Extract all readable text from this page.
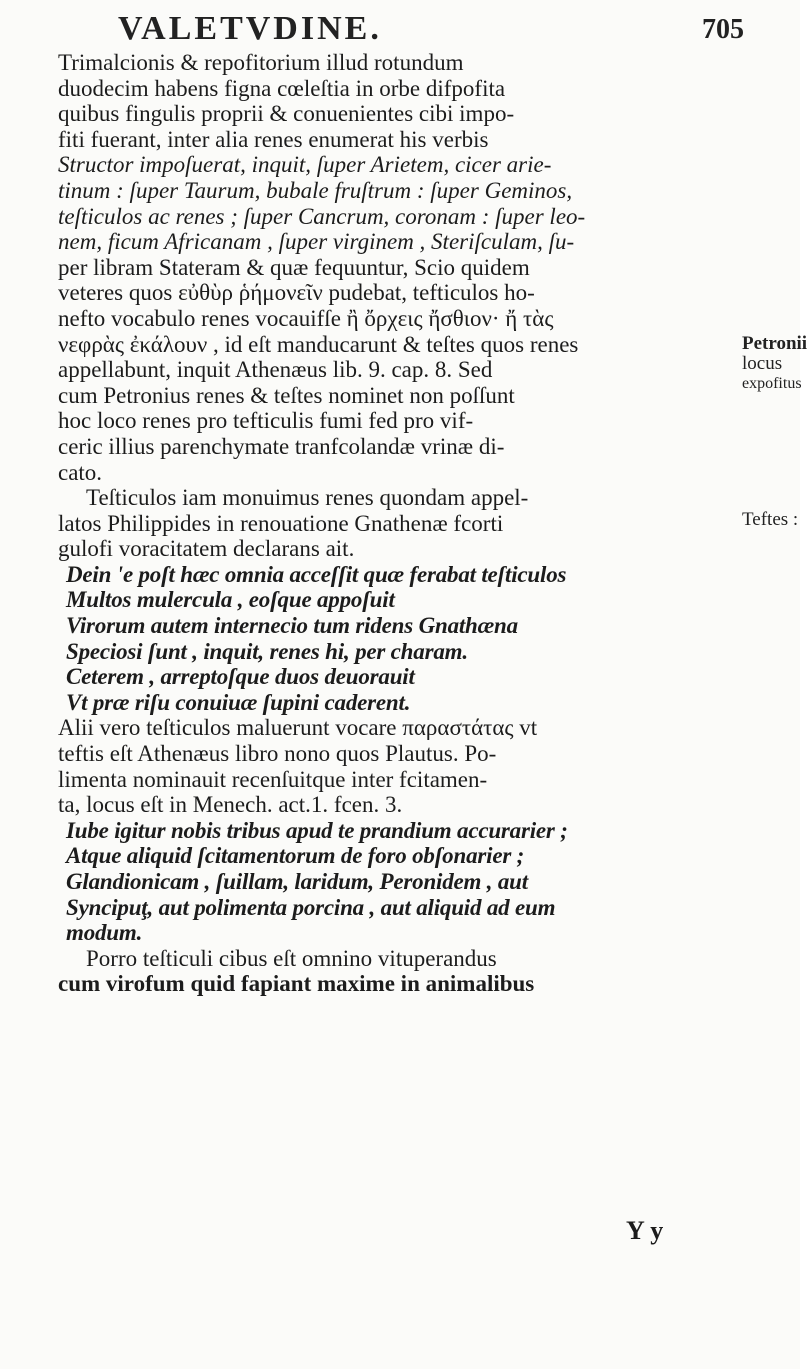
VALETVDINE.	705
Trimalcionis & repofitorium illud rotundum
duodecim habens figna cœleſtia in orbe difpofita
quibus fingulis proprii & conuenientes cibi impo-
fiti fuerant, inter alia renes enumerat his verbis
Structor impoſuerat, inquit, ſuper Arietem, cicer arie-
tinum : ſuper Taurum, bubale fruſtrum : ſuper Geminos,
teſticulos ac renes ; ſuper Cancrum, coronam : ſuper leo-
nem, ficum Africanam , ſuper virginem , Steriſculam, ſu-
per libram Stateram & quæ fequuntur, Scio quidem
veteres quos εὐθὺρ ῥήμονεῖν pudebat, tefticulos ho-
nefto vocabulo renes vocauifſe ἢ ὄρχεις ἤσθιον· ἤ τὰς
νεφρὰς ἐκάλουν , id eſt manducarunt & teſtes quos renes
appellabunt, inquit Athenæus lib. 9. cap. 8. Sed
cum Petronius renes & teſtes nominet non poſſunt
hoc loco renes pro tefticulis fumi fed pro vif-
ceric illius parenchymate tranfcolandæ vrinæ di-
cato.
Teſticulos iam monuimus renes quondam appel-
latos Philippides in renouatione Gnathenæ fcorti
gulofi voracitatem declarans ait.
Dein 'e poſt hæc omnia acceſſit quæ ferabat teſticulos
Multos mulercula , eoſque appoſuit
Virorum autem internecio tum ridens Gnathæna
Speciosi ſunt , inquit, renes hi, per charam.
Ceterem , arreptoſque duos deuorauit
Vt præ riſu conuiuæ ſupini caderent.
Alii vero teſticulos maluerunt vocare παραστάτας vt
teftis eſt Athenæus libro nono quos Plautus. Po-
limenta nominauit recenſuitque inter fcitamen-
ta, locus eſt in Menech. act.1. fcen. 3.
Iube igitur nobis tribus apud te prandium accurarier ;
Atque aliquid ſcitamentorum de foro obſonarier ;
Glandionicam , ſuillam, laridum, Peronidem , aut
Syncipuţ, aut polimenta porcina , aut aliquid ad eum
modum.
Porro teſticuli cibus eſt omnino vituperandus
cum virofum quid fapiant maxime in animalibus
Petronii
locus
expofitus
Teftes :
Y y
